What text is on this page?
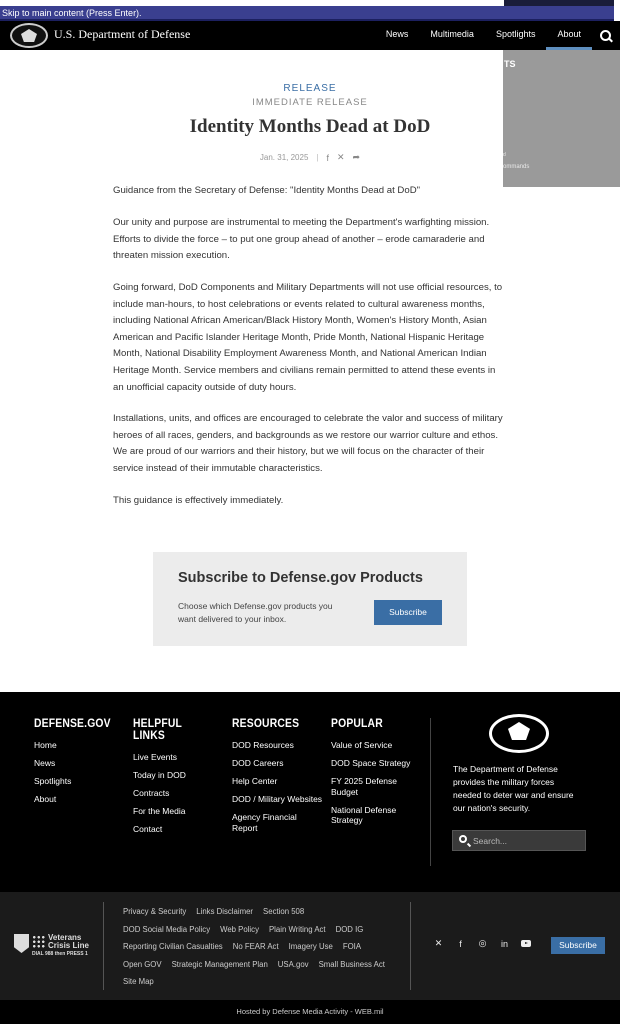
Skip to main content (Press Enter).
U.S. Department of Defense	News	Multimedia	Spotlights	About
TS
d
ommands
RELEASE
IMMEDIATE RELEASE
Identity Months Dead at DoD
Jan. 31, 2025 | f ✕ ➦

Guidance from the Secretary of Defense: "Identity Months Dead at DoD"

Our unity and purpose are instrumental to meeting the Department's warfighting mission. Efforts to divide the force – to put one group ahead of another – erode camaraderie and threaten mission execution.

Going forward, DoD Components and Military Departments will not use official resources, to include man-hours, to host celebrations or events related to cultural awareness months, including National African American/Black History Month, Women's History Month, Asian American and Pacific Islander Heritage Month, Pride Month, National Hispanic Heritage Month, National Disability Employment Awareness Month, and National American Indian Heritage Month. Service members and civilians remain permitted to attend these events in an unofficial capacity outside of duty hours.

Installations, units, and offices are encouraged to celebrate the valor and success of military heroes of all races, genders, and backgrounds as we restore our warrior culture and ethos. We are proud of our warriors and their history, but we will focus on the character of their service instead of their immutable characteristics.

This guidance is effectively immediately.

Subscribe to Defense.gov Products
Choose which Defense.gov products you want delivered to your inbox.
Subscribe
DEFENSE.GOV
Home
News
Spotlights
About
HELPFUL LINKS
Live Events
Today in DOD
Contracts
For the Media
Contact
RESOURCES
DOD Resources
DOD Careers
Help Center
DOD / Military Websites
Agency Financial Report
POPULAR
Value of Service
DOD Space Strategy
FY 2025 Defense Budget
National Defense Strategy
The Department of Defense provides the military forces needed to deter war and ensure our nation's security.
Search...
Veterans
Crisis Line
DIAL 988 then PRESS 1
Privacy & Security Links Disclaimer Section 508
DOD Social Media Policy Web Policy Plain Writing Act DOD IG
Reporting Civilian Casualties No FEAR Act Imagery Use FOIA
Open GOV Strategic Management Plan USA.gov Small Business Act
Site Map
✕	f	◎ in	Subscribe
Hosted by Defense Media Activity - WEB.mil
